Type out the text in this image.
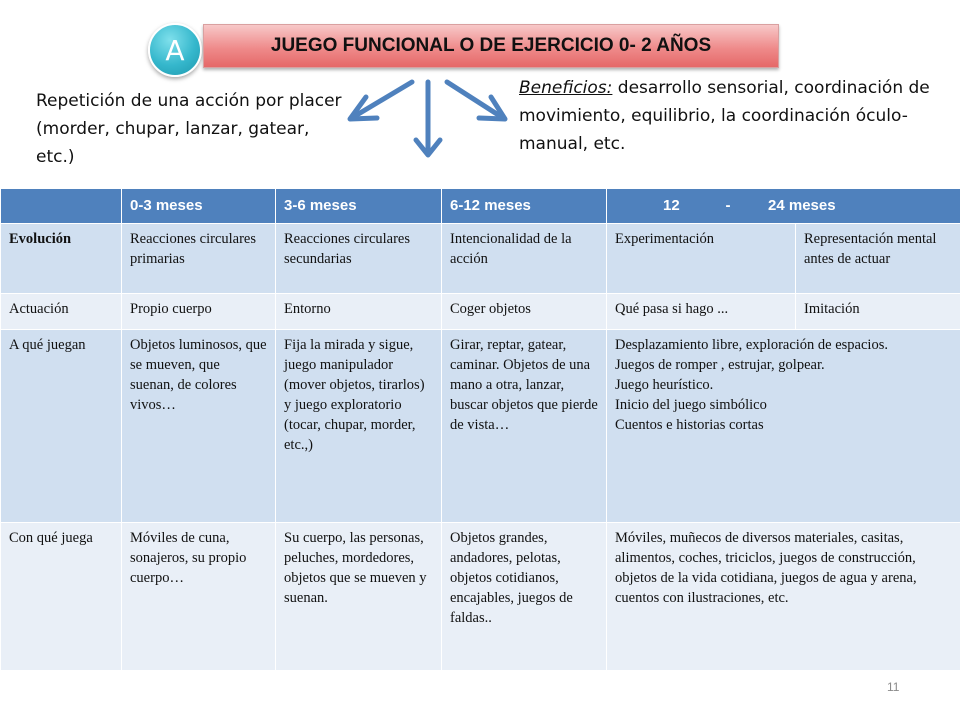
A	JUEGO FUNCIONAL O DE EJERCICIO 0- 2 AÑOS
Repetición de una acción por placer (morder, chupar, lanzar, gatear, etc.)
Beneficios: desarrollo sensorial, coordinación de movimiento, equilibrio, la coordinación óculo-manual, etc.
	0-3 meses	3-6 meses	6-12 meses	12           -         24 meses	
Evolución	Reacciones circulares primarias	Reacciones circulares secundarias	Intencionalidad de la acción	Experimentación	Representación mental antes de actuar
Actuación	Propio cuerpo	Entorno	Coger objetos	Qué pasa si hago ...	Imitación
A qué juegan	Objetos luminosos, que se mueven, que suenan, de colores vivos…	Fija la mirada y sigue, juego manipulador (mover objetos, tirarlos) y juego exploratorio (tocar, chupar, morder, etc.,)	Girar, reptar, gatear, caminar. Objetos de una mano a otra, lanzar, buscar objetos que pierde de vista…	Desplazamiento libre, exploración de espacios.
Juegos de romper , estrujar, golpear.
Juego heurístico.
Inicio del juego simbólico
Cuentos e historias cortas	

Con qué juega	Móviles de cuna, sonajeros, su propio cuerpo…	Su cuerpo, las personas, peluches, mordedores, objetos que se mueven y suenan.	Objetos grandes, andadores, pelotas, objetos cotidianos, encajables, juegos de faldas..	Móviles, muñecos de diversos materiales, casitas, alimentos, coches, triciclos, juegos de construcción, objetos de la vida cotidiana, juegos de agua y arena, cuentos con ilustraciones, etc.	
11
